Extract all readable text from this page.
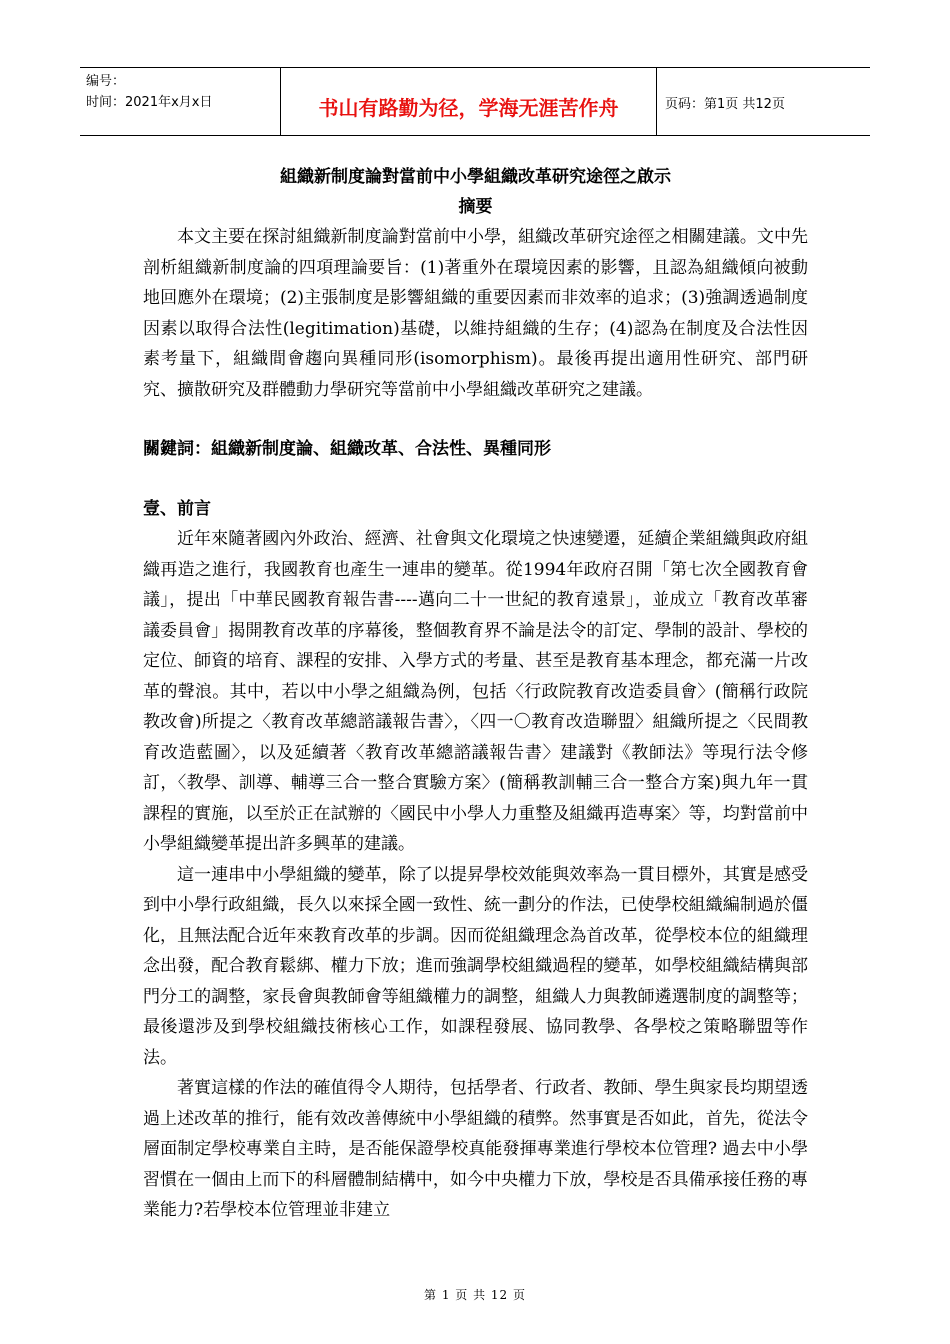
编号：
时间：2021年x月x日	书山有路勤为径，学海无涯苦作舟	页码：第1页 共12页

組織新制度論對當前中小學組織改革研究途徑之啟示

摘要

本文主要在探討組織新制度論對當前中小學，組織改革研究途徑之相關建議。文中先剖析組織新制度論的四項理論要旨：(1)著重外在環境因素的影響，且認為組織傾向被動地回應外在環境；(2)主張制度是影響組織的重要因素而非效率的追求；(3)強調透過制度因素以取得合法性(legitimation)基礎，以維持組織的生存；(4)認為在制度及合法性因素考量下，組織間會趨向異種同形(isomorphism)。最後再提出適用性研究、部門研究、擴散研究及群體動力學研究等當前中小學組織改革研究之建議。

關鍵詞：組織新制度論、組織改革、合法性、異種同形

壹、前言

近年來隨著國內外政治、經濟、社會與文化環境之快速變遷，延續企業組織與政府組織再造之進行，我國教育也產生一連串的變革。從1994年政府召開「第七次全國教育會議」，提出「中華民國教育報告書----邁向二十一世紀的教育遠景」，並成立「教育改革審議委員會」揭開教育改革的序幕後，整個教育界不論是法令的訂定、學制的設計、學校的定位、師資的培育、課程的安排、入學方式的考量、甚至是教育基本理念，都充滿一片改革的聲浪。其中，若以中小學之組織為例，包括〈行政院教育改造委員會〉(簡稱行政院教改會)所提之〈教育改革總諮議報告書〉，〈四一〇教育改造聯盟〉組織所提之〈民間教育改造藍圖〉，以及延續著〈教育改革總諮議報告書〉建議對《教師法》等現行法令修訂，〈教學、訓導、輔導三合一整合實驗方案〉(簡稱教訓輔三合一整合方案)與九年一貫課程的實施，以至於正在試辦的〈國民中小學人力重整及組織再造專案〉等，均對當前中小學組織變革提出許多興革的建議。

這一連串中小學組織的變革，除了以提昇學校效能與效率為一貫目標外，其實是感受到中小學行政組織，長久以來採全國一致性、統一劃分的作法，已使學校組織編制過於僵化，且無法配合近年來教育改革的步調。因而從組織理念為首改革，從學校本位的組織理念出發，配合教育鬆綁、權力下放；進而強調學校組織過程的變革，如學校組織結構與部門分工的調整，家長會與教師會等組織權力的調整，組織人力與教師遴選制度的調整等；最後還涉及到學校組織技術核心工作，如課程發展、協同教學、各學校之策略聯盟等作法。

著實這樣的作法的確值得令人期待，包括學者、行政者、教師、學生與家長均期望透過上述改革的推行，能有效改善傳統中小學組織的積弊。然事實是否如此，首先，從法令層面制定學校專業自主時，是否能保證學校真能發揮專業進行學校本位管理? 過去中小學習慣在一個由上而下的科層體制結構中，如今中央權力下放，學校是否具備承接任務的專業能力?若學校本位管理並非建立

第 1 页 共 12 页
